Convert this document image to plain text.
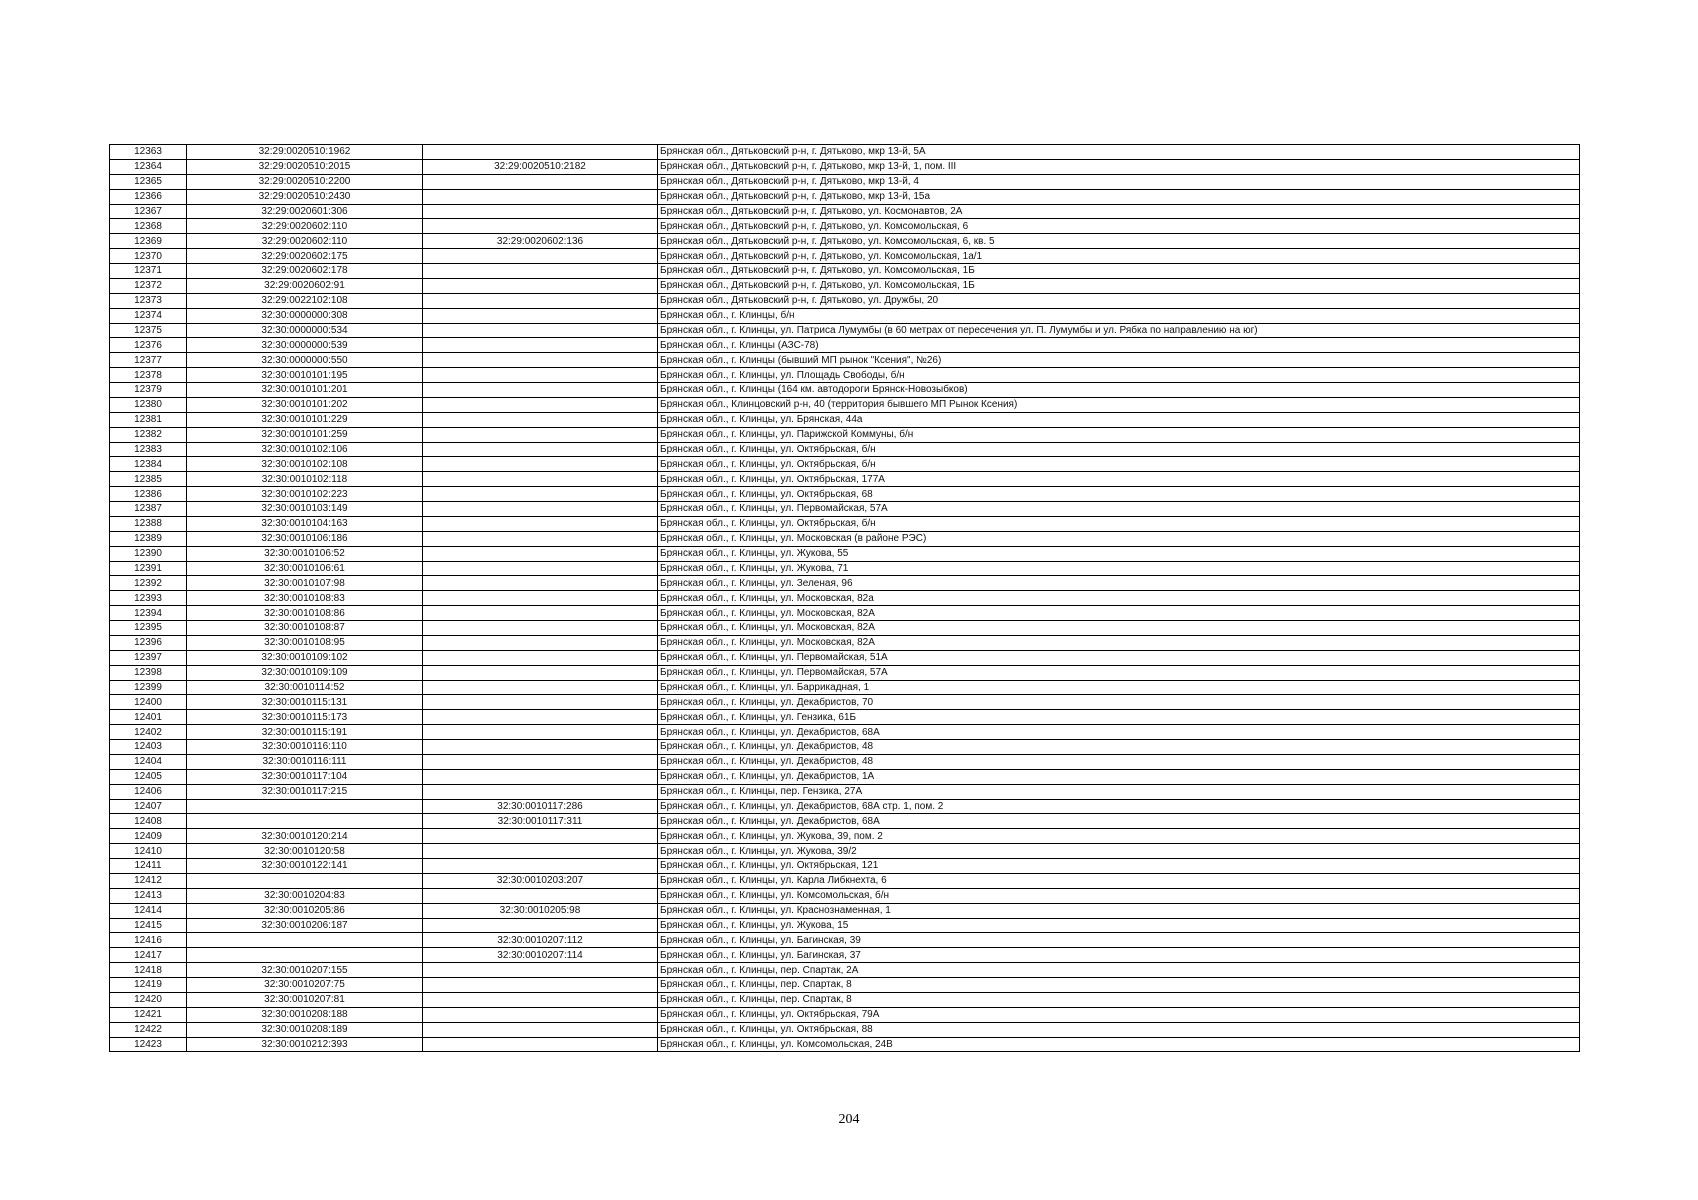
12363	32:29:0020510:1962		Брянская обл., Дятьковский р-н, г. Дятьково, мкр 13-й, 5А
12364	32:29:0020510:2015	32:29:0020510:2182	Брянская обл., Дятьковский р-н, г. Дятьково, мкр 13-й, 1, пом. III
12365	32:29:0020510:2200		Брянская обл., Дятьковский р-н, г. Дятьково, мкр 13-й, 4
12366	32:29:0020510:2430		Брянская обл., Дятьковский р-н, г. Дятьково, мкр 13-й, 15а
12367	32:29:0020601:306		Брянская обл., Дятьковский р-н, г. Дятьково, ул. Космонавтов, 2А
12368	32:29:0020602:110		Брянская обл., Дятьковский р-н, г. Дятьково, ул. Комсомольская, 6
12369	32:29:0020602:110	32:29:0020602:136	Брянская обл., Дятьковский р-н, г. Дятьково, ул. Комсомольская, 6, кв. 5
12370	32:29:0020602:175		Брянская обл., Дятьковский р-н, г. Дятьково, ул. Комсомольская, 1а/1
12371	32:29:0020602:178		Брянская обл., Дятьковский р-н, г. Дятьково, ул. Комсомольская, 1Б
12372	32:29:0020602:91		Брянская обл., Дятьковский р-н, г. Дятьково, ул. Комсомольская, 1Б
12373	32:29:0022102:108		Брянская обл., Дятьковский р-н, г. Дятьково, ул. Дружбы, 20
12374	32:30:0000000:308		Брянская обл., г. Клинцы, б/н
12375	32:30:0000000:534		Брянская обл., г. Клинцы, ул. Патриса Лумумбы (в 60 метрах от пересечения ул. П. Лумумбы и ул. Рябка по направлению на юг)
12376	32:30:0000000:539		Брянская обл., г. Клинцы (АЗС-78)
12377	32:30:0000000:550		Брянская обл., г. Клинцы (бывший МП рынок "Ксения", №26)
12378	32:30:0010101:195		Брянская обл., г. Клинцы, ул. Площадь Свободы, б/н
12379	32:30:0010101:201		Брянская обл., г. Клинцы (164 км. автодороги Брянск-Новозыбков)
12380	32:30:0010101:202		Брянская обл., Клинцовский р-н, 40 (территория бывшего МП Рынок Ксения)
12381	32:30:0010101:229		Брянская обл., г. Клинцы, ул. Брянская, 44а
12382	32:30:0010101:259		Брянская обл., г. Клинцы, ул. Парижской Коммуны, б/н
12383	32:30:0010102:106		Брянская обл., г. Клинцы, ул. Октябрьская, б/н
12384	32:30:0010102:108		Брянская обл., г. Клинцы, ул. Октябрьская, б/н
12385	32:30:0010102:118		Брянская обл., г. Клинцы, ул. Октябрьская, 177А
12386	32:30:0010102:223		Брянская обл., г. Клинцы, ул. Октябрьская, 68
12387	32:30:0010103:149		Брянская обл., г. Клинцы, ул. Первомайская, 57А
12388	32:30:0010104:163		Брянская обл., г. Клинцы, ул. Октябрьская, б/н
12389	32:30:0010106:186		Брянская обл., г. Клинцы, ул. Московская (в районе РЭС)
12390	32:30:0010106:52		Брянская обл., г. Клинцы, ул. Жукова, 55
12391	32:30:0010106:61		Брянская обл., г. Клинцы, ул. Жукова, 71
12392	32:30:0010107:98		Брянская обл., г. Клинцы, ул. Зеленая, 96
12393	32:30:0010108:83		Брянская обл., г. Клинцы, ул. Московская, 82а
12394	32:30:0010108:86		Брянская обл., г. Клинцы, ул. Московская, 82А
12395	32:30:0010108:87		Брянская обл., г. Клинцы, ул. Московская, 82А
12396	32:30:0010108:95		Брянская обл., г. Клинцы, ул. Московская, 82А
12397	32:30:0010109:102		Брянская обл., г. Клинцы, ул. Первомайская, 51А
12398	32:30:0010109:109		Брянская обл., г. Клинцы, ул. Первомайская, 57А
12399	32:30:0010114:52		Брянская обл., г. Клинцы, ул. Баррикадная, 1
12400	32:30:0010115:131		Брянская обл., г. Клинцы, ул. Декабристов, 70
12401	32:30:0010115:173		Брянская обл., г. Клинцы, ул. Гензика, 61Б
12402	32:30:0010115:191		Брянская обл., г. Клинцы, ул. Декабристов, 68А
12403	32:30:0010116:110		Брянская обл., г. Клинцы, ул. Декабристов, 48
12404	32:30:0010116:111		Брянская обл., г. Клинцы, ул. Декабристов, 48
12405	32:30:0010117:104		Брянская обл., г. Клинцы, ул. Декабристов, 1А
12406	32:30:0010117:215		Брянская обл., г. Клинцы, пер. Гензика, 27А
12407		32:30:0010117:286	Брянская обл., г. Клинцы, ул. Декабристов, 68А стр. 1, пом. 2
12408		32:30:0010117:311	Брянская обл., г. Клинцы, ул. Декабристов, 68А
12409	32:30:0010120:214		Брянская обл., г. Клинцы, ул. Жукова, 39, пом. 2
12410	32:30:0010120:58		Брянская обл., г. Клинцы, ул. Жукова, 39/2
12411	32:30:0010122:141		Брянская обл., г. Клинцы, ул. Октябрьская, 121
12412		32:30:0010203:207	Брянская обл., г. Клинцы, ул. Карла Либкнехта, 6
12413	32:30:0010204:83		Брянская обл., г. Клинцы, ул. Комсомольская, б/н
12414	32:30:0010205:86	32:30:0010205:98	Брянская обл., г. Клинцы, ул. Краснознаменная, 1
12415	32:30:0010206:187		Брянская обл., г. Клинцы, ул. Жукова, 15
12416		32:30:0010207:112	Брянская обл., г. Клинцы, ул. Багинская, 39
12417		32:30:0010207:114	Брянская обл., г. Клинцы, ул. Багинская, 37
12418	32:30:0010207:155		Брянская обл., г. Клинцы, пер. Спартак, 2А
12419	32:30:0010207:75		Брянская обл., г. Клинцы, пер. Спартак, 8
12420	32:30:0010207:81		Брянская обл., г. Клинцы, пер. Спартак, 8
12421	32:30:0010208:188		Брянская обл., г. Клинцы, ул. Октябрьская, 79А
12422	32:30:0010208:189		Брянская обл., г. Клинцы, ул. Октябрьская, 88
12423	32:30:0010212:393		Брянская обл., г. Клинцы, ул. Комсомольская, 24В
204
